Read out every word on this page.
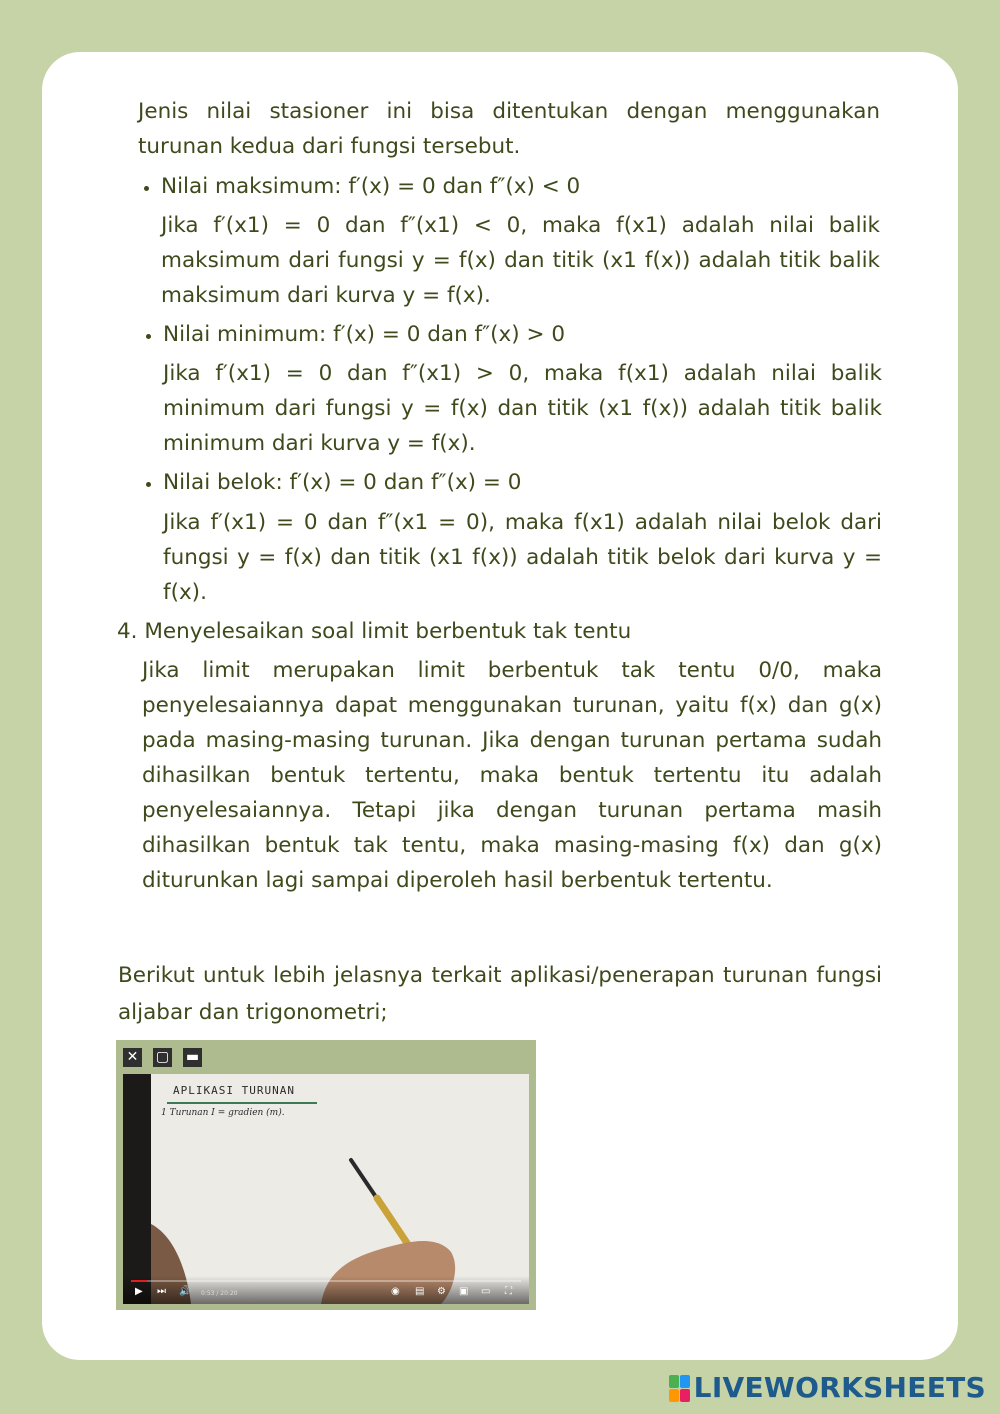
Jenis nilai stasioner ini bisa ditentukan dengan menggunakan turunan kedua dari fungsi tersebut.

Nilai maksimum: f′(x) = 0 dan f″(x) < 0

Jika f′(x1) = 0 dan f″(x1) < 0, maka f(x1) adalah nilai balik maksimum dari fungsi y = f(x) dan titik (x1 f(x)) adalah titik balik maksimum dari kurva y = f(x).

Nilai minimum: f′(x) = 0 dan f″(x) > 0

Jika f′(x1) = 0 dan f″(x1) > 0, maka f(x1) adalah nilai balik minimum dari fungsi y = f(x) dan titik (x1 f(x)) adalah titik balik minimum dari kurva y = f(x).

Nilai belok: f′(x) = 0 dan f″(x) = 0

Jika f′(x1) = 0 dan f″(x1 = 0), maka f(x1) adalah nilai belok dari fungsi y = f(x) dan titik (x1 f(x)) adalah titik belok dari kurva y = f(x).

4. Menyelesaikan soal limit berbentuk tak tentu

Jika limit merupakan limit berbentuk tak tentu 0/0, maka penyelesaiannya dapat menggunakan turunan, yaitu f(x) dan g(x) pada masing-masing turunan. Jika dengan turunan pertama sudah dihasilkan bentuk tertentu, maka bentuk tertentu itu adalah penyelesaiannya. Tetapi jika dengan turunan pertama masih dihasilkan bentuk tak tentu, maka masing-masing f(x) dan g(x) diturunkan lagi sampai diperoleh hasil berbentuk tertentu.

Berikut untuk lebih jelasnya terkait aplikasi/penerapan turunan fungsi aljabar dan trigonometri;

✕ ▢ ▬
APLIKASI TURUNAN
1 Turunan I = gradien (m).
▶ ⏭ 🔊 0:53 / 20:20	◉ ▤ ⚙ ▣ ▭ ⛶
LIVEWORKSHEETS
